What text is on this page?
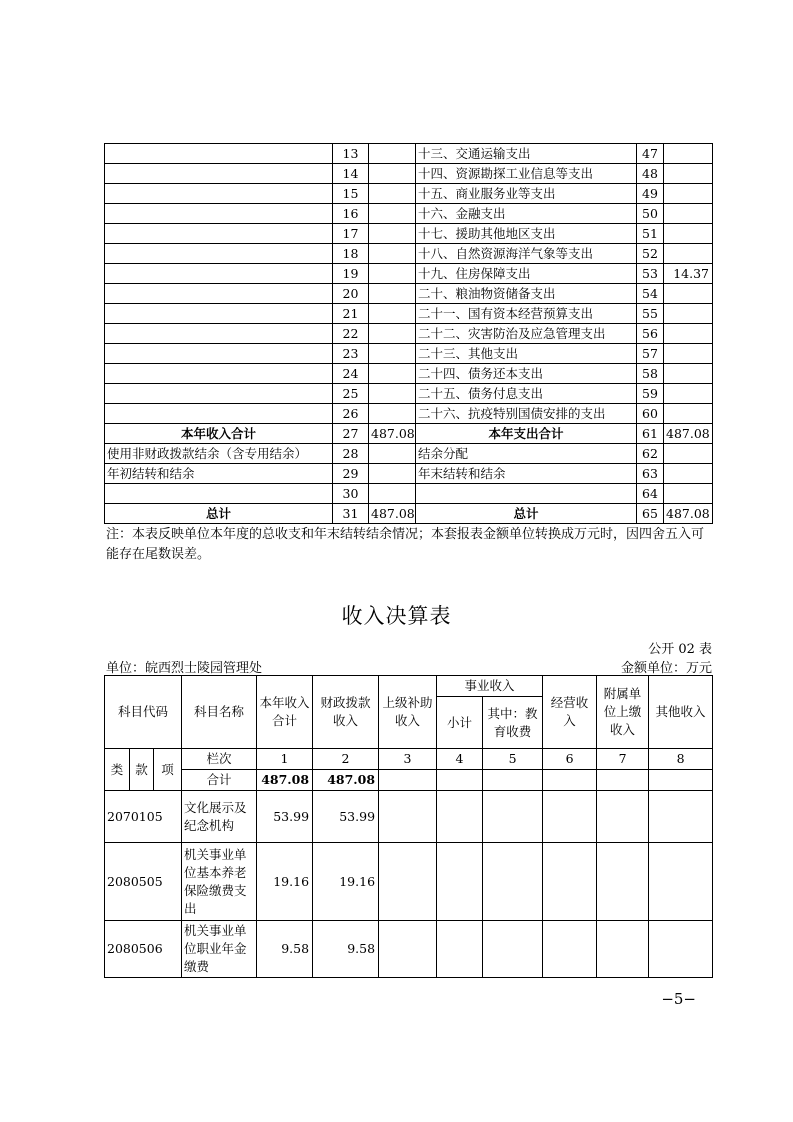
	13		十三、交通运输支出	47	
	14		十四、资源勘探工业信息等支出	48	
	15		十五、商业服务业等支出	49	
	16		十六、金融支出	50	
	17		十七、援助其他地区支出	51	
	18		十八、自然资源海洋气象等支出	52	
	19		十九、住房保障支出	53	14.37
	20		二十、粮油物资储备支出	54	
	21		二十一、国有资本经营预算支出	55	
	22		二十二、灾害防治及应急管理支出	56	
	23		二十三、其他支出	57	
	24		二十四、债务还本支出	58	
	25		二十五、债务付息支出	59	
	26		二十六、抗疫特别国债安排的支出	60	
本年收入合计	27	487.08	本年支出合计	61	487.08
使用非财政拨款结余（含专用结余）	28		结余分配	62	
年初结转和结余	29		年末结转和结余	63	
	30			64	
总计	31	487.08	总计	65	487.08
注：本表反映单位本年度的总收支和年末结转结余情况；本套报表金额单位转换成万元时，因四舍五入可能存在尾数误差。
收入决算表
公开 02 表
单位：皖西烈士陵园管理处	金额单位：万元
科目代码			科目名称	本年收入合计	财政拨款收入	上级补助收入	事业收入		经营收入	附属单位上缴收入	其他收入
							小计	其中：教育收费			

类	款	项	栏次	1	2	3	4	5	6	7	8
			合计	487.08	487.08						
2070105			文化展示及纪念机构	53.99	53.99						
2080505			机关事业单位基本养老保险缴费支出	19.16	19.16						
2080506			机关事业单位职业年金缴费	9.58	9.58						
−5−
